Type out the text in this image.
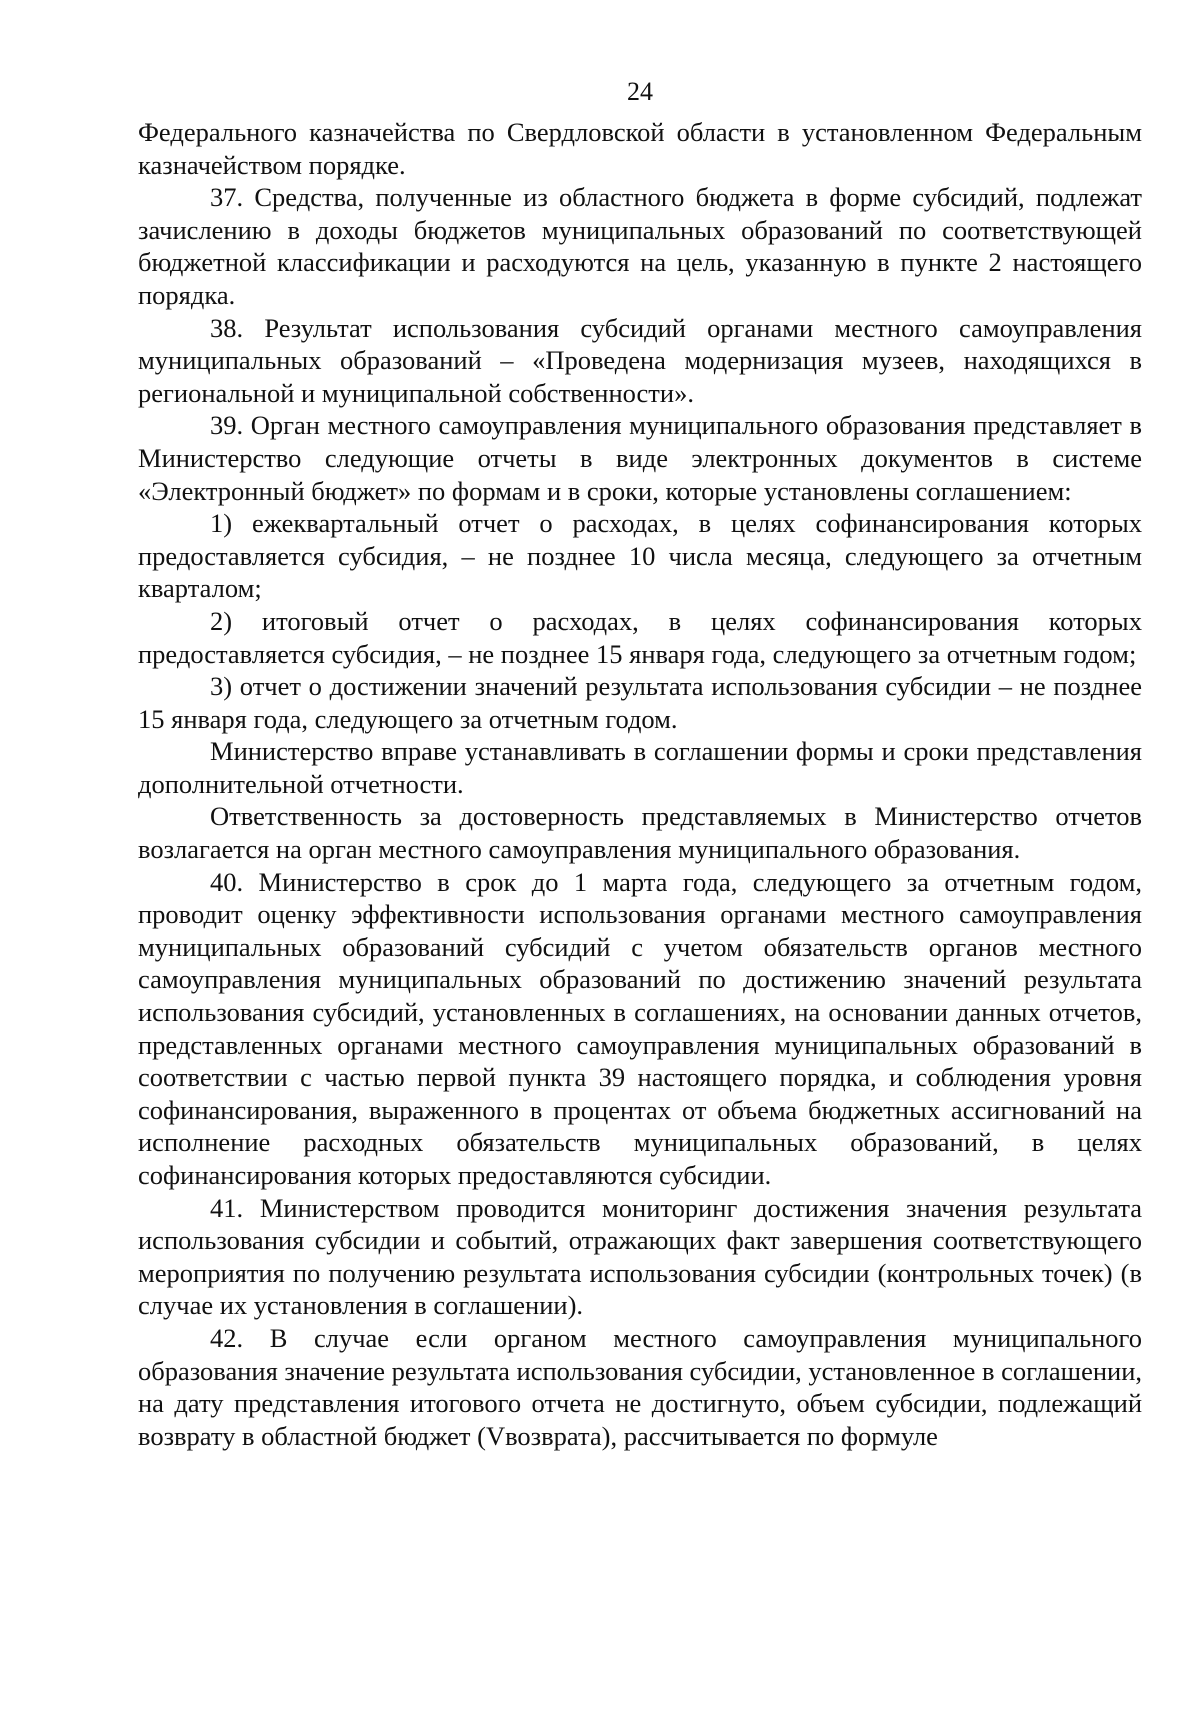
24

Федерального казначейства по Свердловской области в установленном Федеральным казначейством порядке.

37. Средства, полученные из областного бюджета в форме субсидий, подлежат зачислению в доходы бюджетов муниципальных образований по соответствующей бюджетной классификации и расходуются на цель, указанную в пункте 2 настоящего порядка.

38. Результат использования субсидий органами местного самоуправления муниципальных образований – «Проведена модернизация музеев, находящихся в региональной и муниципальной собственности».

39. Орган местного самоуправления муниципального образования представляет в Министерство следующие отчеты в виде электронных документов в системе «Электронный бюджет» по формам и в сроки, которые установлены соглашением:

1) ежеквартальный отчет о расходах, в целях софинансирования которых предоставляется субсидия, – не позднее 10 числа месяца, следующего за отчетным кварталом;

2) итоговый отчет о расходах, в целях софинансирования которых предоставляется субсидия, – не позднее 15 января года, следующего за отчетным годом;

3) отчет о достижении значений результата использования субсидии – не позднее 15 января года, следующего за отчетным годом.

Министерство вправе устанавливать в соглашении формы и сроки представления дополнительной отчетности.

Ответственность за достоверность представляемых в Министерство отчетов возлагается на орган местного самоуправления муниципального образования.

40. Министерство в срок до 1 марта года, следующего за отчетным годом, проводит оценку эффективности использования органами местного самоуправления муниципальных образований субсидий с учетом обязательств органов местного самоуправления муниципальных образований по достижению значений результата использования субсидий, установленных в соглашениях, на основании данных отчетов, представленных органами местного самоуправления муниципальных образований в соответствии с частью первой пункта 39 настоящего порядка, и соблюдения уровня софинансирования, выраженного в процентах от объема бюджетных ассигнований на исполнение расходных обязательств муниципальных образований, в целях софинансирования которых предоставляются субсидии.

41. Министерством проводится мониторинг достижения значения результата использования субсидии и событий, отражающих факт завершения соответствующего мероприятия по получению результата использования субсидии (контрольных точек) (в случае их установления в соглашении).

42. В случае если органом местного самоуправления муниципального образования значение результата использования субсидии, установленное в соглашении, на дату представления итогового отчета не достигнуто, объем субсидии, подлежащий возврату в областной бюджет (Vвозврата), рассчитывается по формуле
